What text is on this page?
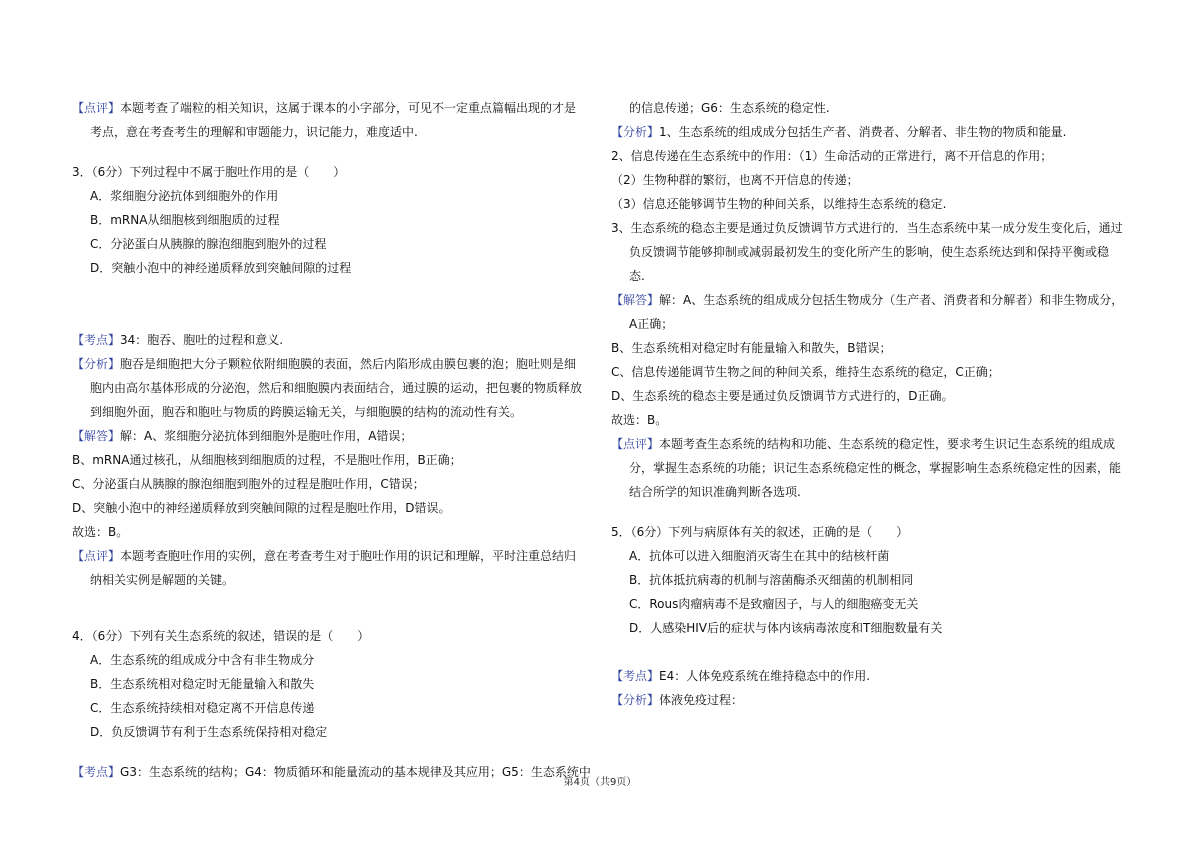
【点评】本题考查了端粒的相关知识，这属于课本的小字部分，可见不一定重点篇幅出现的才是
考点，意在考查考生的理解和审题能力，识记能力，难度适中.
3．（6分）下列过程中不属于胞吐作用的是（　　）
A．浆细胞分泌抗体到细胞外的作用
B．mRNA从细胞核到细胞质的过程
C．分泌蛋白从胰腺的腺泡细胞到胞外的过程
D．突触小泡中的神经递质释放到突触间隙的过程
【考点】34：胞吞、胞吐的过程和意义.
【分析】胞吞是细胞把大分子颗粒依附细胞膜的表面，然后内陷形成由膜包裹的泡；胞吐则是细
胞内由高尔基体形成的分泌泡，然后和细胞膜内表面结合，通过膜的运动，把包裹的物质释放
到细胞外面，胞吞和胞吐与物质的跨膜运输无关，与细胞膜的结构的流动性有关。
【解答】解：A、浆细胞分泌抗体到细胞外是胞吐作用，A错误；
B、mRNA通过核孔，从细胞核到细胞质的过程，不是胞吐作用，B正确；
C、分泌蛋白从胰腺的腺泡细胞到胞外的过程是胞吐作用，C错误；
D、突触小泡中的神经递质释放到突触间隙的过程是胞吐作用，D错误。
故选：B。
【点评】本题考查胞吐作用的实例，意在考查考生对于胞吐作用的识记和理解，平时注重总结归
纳相关实例是解题的关键。
4．（6分）下列有关生态系统的叙述，错误的是（　　）
A．生态系统的组成成分中含有非生物成分
B．生态系统相对稳定时无能量输入和散失
C．生态系统持续相对稳定离不开信息传递
D．负反馈调节有利于生态系统保持相对稳定
【考点】G3：生态系统的结构；G4：物质循环和能量流动的基本规律及其应用；G5：生态系统中
的信息传递；G6：生态系统的稳定性.
【分析】1、生态系统的组成成分包括生产者、消费者、分解者、非生物的物质和能量.
2、信息传递在生态系统中的作用：（1）生命活动的正常进行，离不开信息的作用；
（2）生物种群的繁衍，也离不开信息的传递；
（3）信息还能够调节生物的种间关系，以维持生态系统的稳定.
3、生态系统的稳态主要是通过负反馈调节方式进行的．当生态系统中某一成分发生变化后，通过
负反馈调节能够抑制或减弱最初发生的变化所产生的影响，使生态系统达到和保持平衡或稳
态.
【解答】解：A、生态系统的组成成分包括生物成分（生产者、消费者和分解者）和非生物成分，
A正确；
B、生态系统相对稳定时有能量输入和散失，B错误；
C、信息传递能调节生物之间的种间关系，维持生态系统的稳定，C正确；
D、生态系统的稳态主要是通过负反馈调节方式进行的，D正确。
故选：B。
【点评】本题考查生态系统的结构和功能、生态系统的稳定性，要求考生识记生态系统的组成成
分，掌握生态系统的功能；识记生态系统稳定性的概念，掌握影响生态系统稳定性的因素，能
结合所学的知识准确判断各选项.
5．（6分）下列与病原体有关的叙述，正确的是（　　）
A．抗体可以进入细胞消灭寄生在其中的结核杆菌
B．抗体抵抗病毒的机制与溶菌酶杀灭细菌的机制相同
C．Rous肉瘤病毒不是致瘤因子，与人的细胞癌变无关
D．人感染HIV后的症状与体内该病毒浓度和T细胞数量有关
【考点】E4：人体免疫系统在维持稳态中的作用.
【分析】体液免疫过程：
第4页（共9页）
